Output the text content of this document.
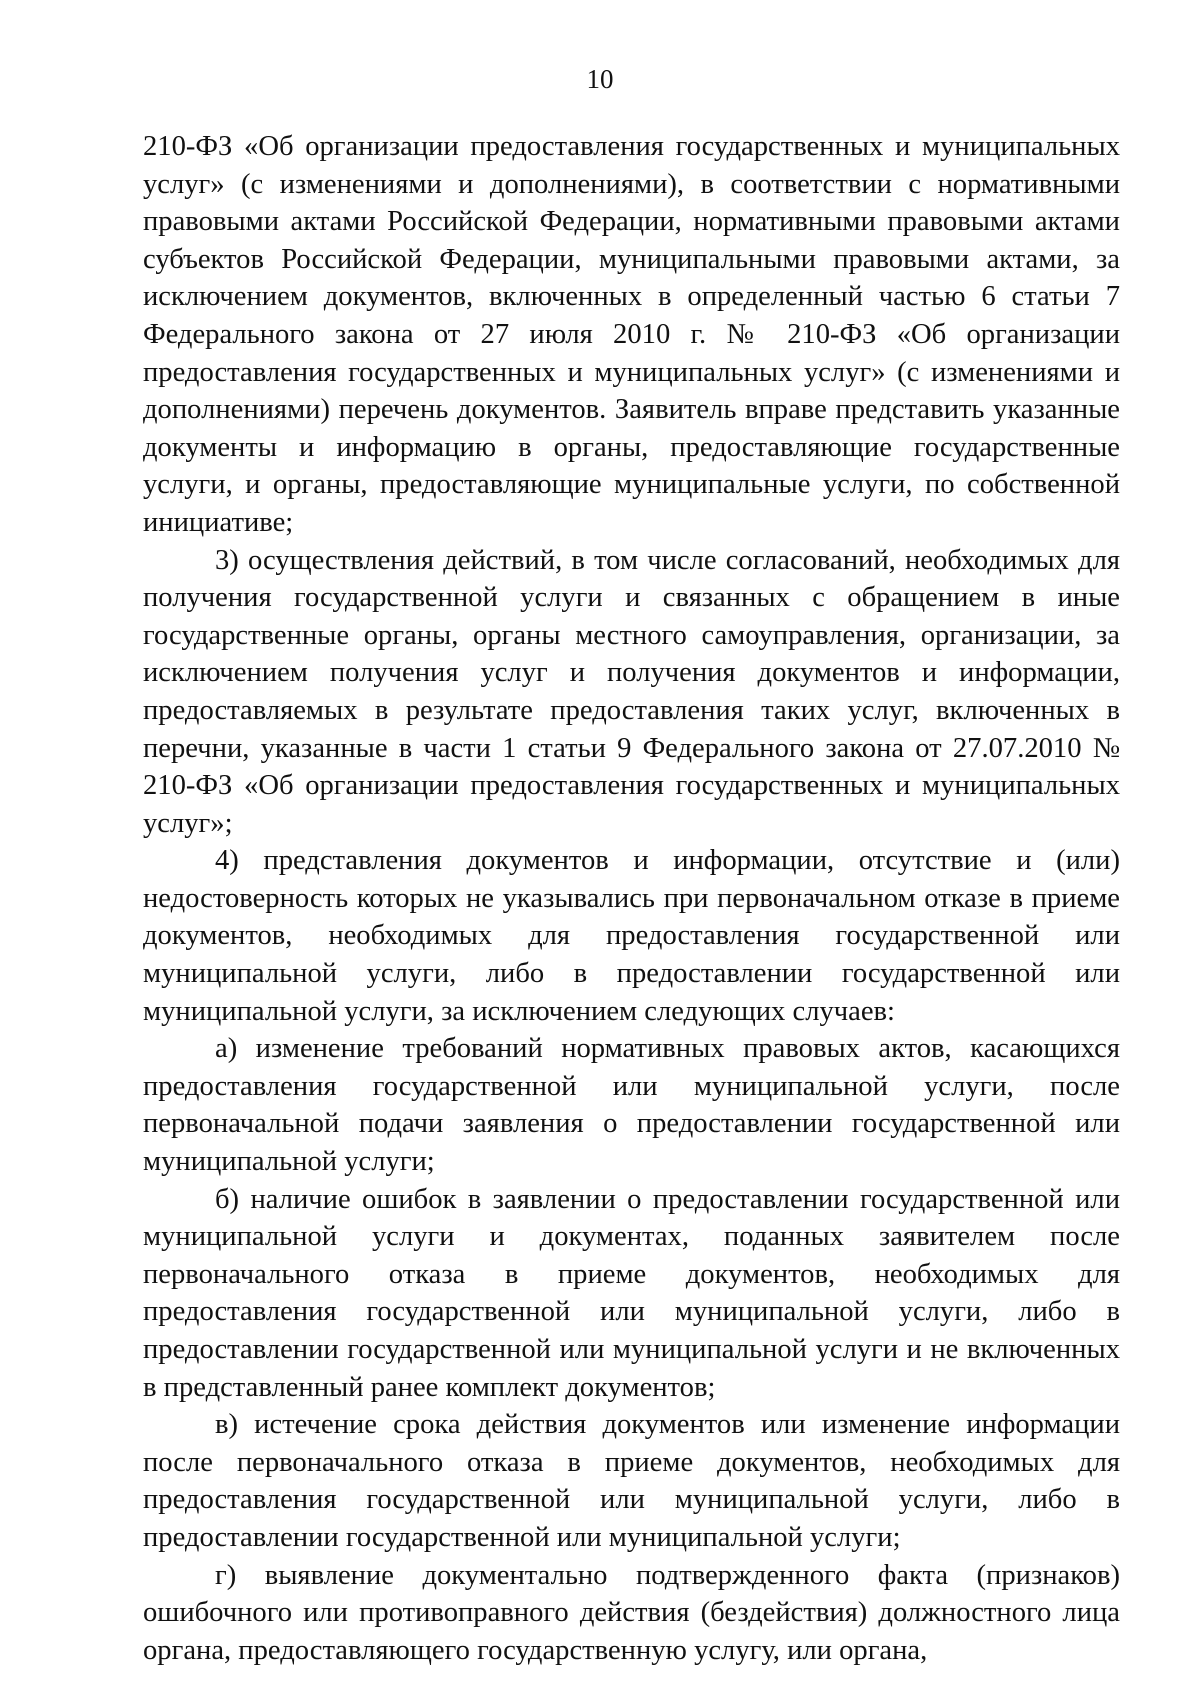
10

210-ФЗ «Об организации предоставления государственных и муниципальных услуг» (с изменениями и дополнениями), в соответствии с нормативными правовыми актами Российской Федерации, нормативными правовыми актами субъектов Российской Федерации, муниципальными правовыми актами, за исключением документов, включенных в определенный частью 6 статьи 7 Федерального закона от 27 июля 2010 г. № 210-ФЗ «Об организации предоставления государственных и муниципальных услуг» (с изменениями и дополнениями) перечень документов. Заявитель вправе представить указанные документы и информацию в органы, предоставляющие государственные услуги, и органы, предоставляющие муниципальные услуги, по собственной инициативе;

3) осуществления действий, в том числе согласований, необходимых для получения государственной услуги и связанных с обращением в иные государственные органы, органы местного самоуправления, организации, за исключением получения услуг и получения документов и информации, предоставляемых в результате предоставления таких услуг, включенных в перечни, указанные в части 1 статьи 9 Федерального закона от 27.07.2010 № 210-ФЗ «Об организации предоставления государственных и муниципальных услуг»;

4) представления документов и информации, отсутствие и (или) недостоверность которых не указывались при первоначальном отказе в приеме документов, необходимых для предоставления государственной или муниципальной услуги, либо в предоставлении государственной или муниципальной услуги, за исключением следующих случаев:

а) изменение требований нормативных правовых актов, касающихся предоставления государственной или муниципальной услуги, после первоначальной подачи заявления о предоставлении государственной или муниципальной услуги;

б) наличие ошибок в заявлении о предоставлении государственной или муниципальной услуги и документах, поданных заявителем после первоначального отказа в приеме документов, необходимых для предоставления государственной или муниципальной услуги, либо в предоставлении государственной или муниципальной услуги и не включенных в представленный ранее комплект документов;

в) истечение срока действия документов или изменение информации после первоначального отказа в приеме документов, необходимых для предоставления государственной или муниципальной услуги, либо в предоставлении государственной или муниципальной услуги;

г) выявление документально подтвержденного факта (признаков) ошибочного или противоправного действия (бездействия) должностного лица органа, предоставляющего государственную услугу, или органа,
